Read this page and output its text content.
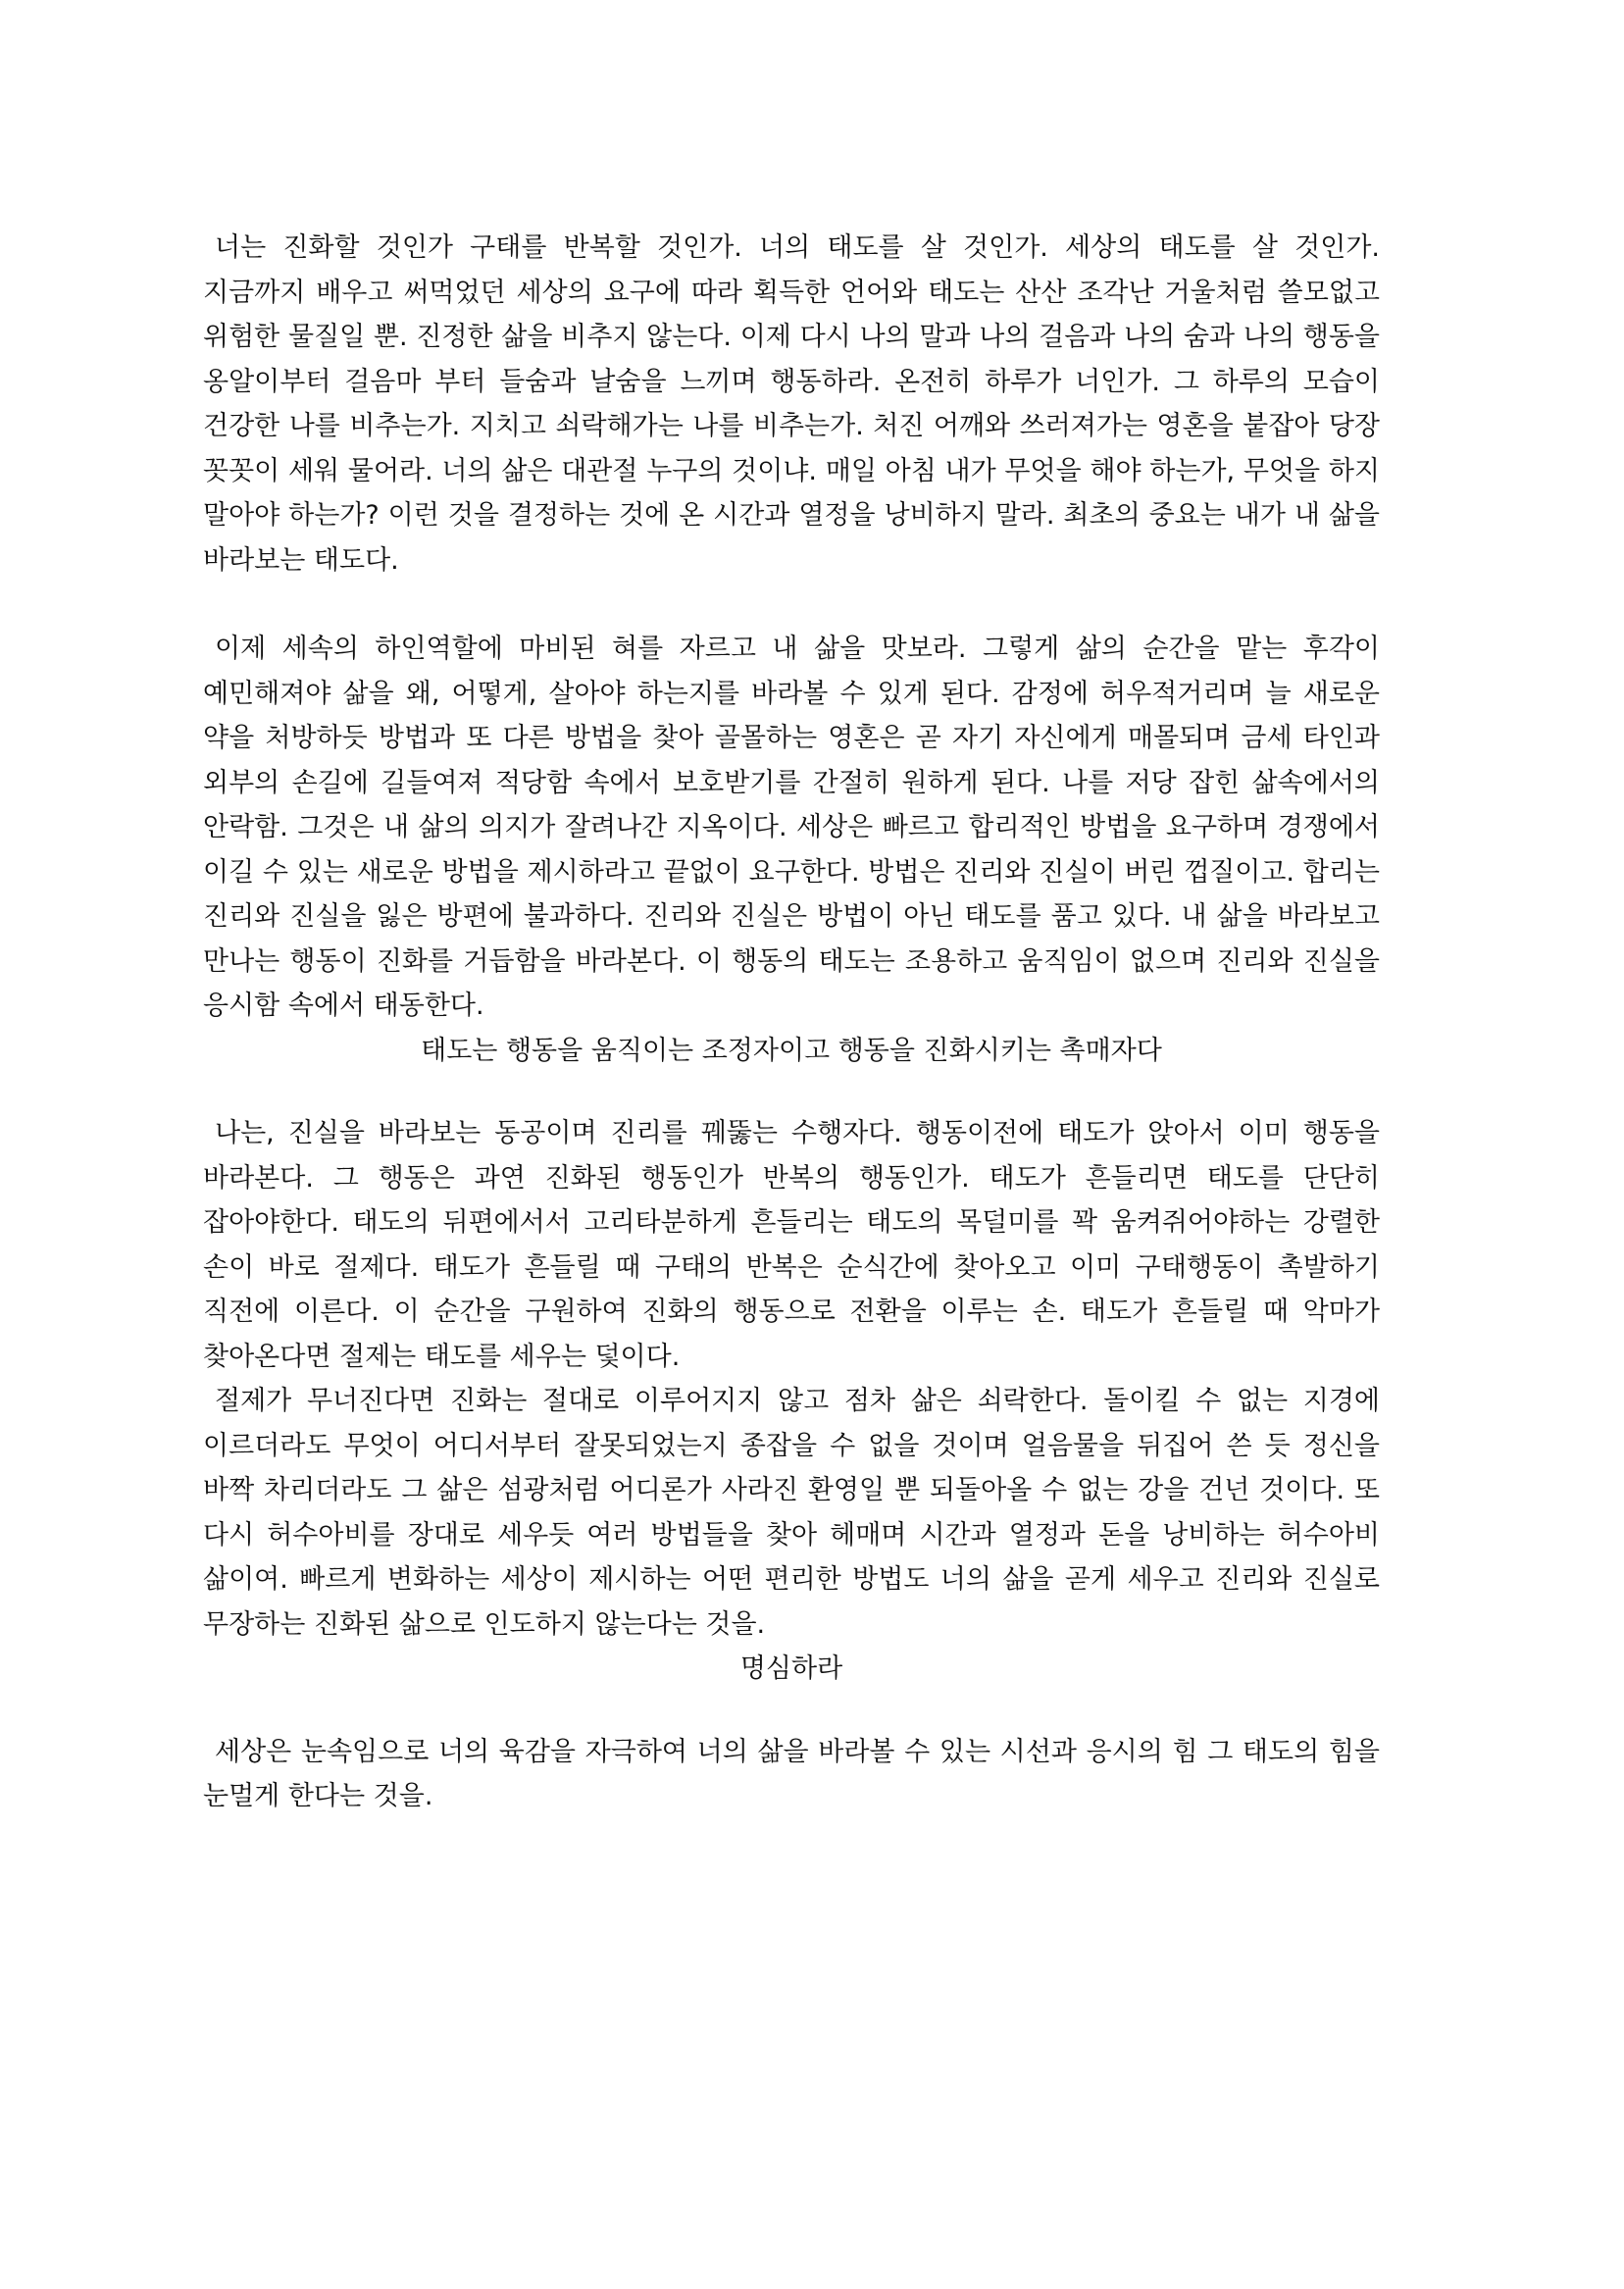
너는 진화할 것인가 구태를 반복할 것인가. 너의 태도를 살 것인가. 세상의 태도를 살 것인가. 지금까지 배우고 써먹었던 세상의 요구에 따라 획득한 언어와 태도는 산산 조각난 거울처럼 쓸모없고 위험한 물질일 뿐. 진정한 삶을 비추지 않는다. 이제 다시 나의 말과 나의 걸음과 나의 숨과 나의 행동을 옹알이부터 걸음마 부터 들숨과 날숨을 느끼며 행동하라. 온전히 하루가 너인가. 그 하루의 모습이 건강한 나를 비추는가. 지치고 쇠락해가는 나를 비추는가. 처진 어깨와 쓰러져가는 영혼을 붙잡아 당장 꼿꼿이 세워 물어라. 너의 삶은 대관절 누구의 것이냐. 매일 아침 내가 무엇을 해야 하는가, 무엇을 하지 말아야 하는가? 이런 것을 결정하는 것에 온 시간과 열정을 낭비하지 말라. 최초의 중요는 내가 내 삶을 바라보는 태도다.

이제 세속의 하인역할에 마비된 혀를 자르고 내 삶을 맛보라. 그렇게 삶의 순간을 맡는 후각이 예민해져야 삶을 왜, 어떻게, 살아야 하는지를 바라볼 수 있게 된다. 감정에 허우적거리며 늘 새로운 약을 처방하듯 방법과 또 다른 방법을 찾아 골몰하는 영혼은 곧 자기 자신에게 매몰되며 금세 타인과 외부의 손길에 길들여져 적당함 속에서 보호받기를 간절히 원하게 된다. 나를 저당 잡힌 삶속에서의 안락함. 그것은 내 삶의 의지가 잘려나간 지옥이다. 세상은 빠르고 합리적인 방법을 요구하며 경쟁에서 이길 수 있는 새로운 방법을 제시하라고 끝없이 요구한다. 방법은 진리와 진실이 버린 껍질이고. 합리는 진리와 진실을 잃은 방편에 불과하다. 진리와 진실은 방법이 아닌 태도를 품고 있다. 내 삶을 바라보고 만나는 행동이 진화를 거듭함을 바라본다. 이 행동의 태도는 조용하고 움직임이 없으며 진리와 진실을 응시함 속에서 태동한다.

태도는 행동을 움직이는 조정자이고 행동을 진화시키는 촉매자다

나는, 진실을 바라보는 동공이며 진리를 꿰뚫는 수행자다. 행동이전에 태도가 앉아서 이미 행동을 바라본다. 그 행동은 과연 진화된 행동인가 반복의 행동인가. 태도가 흔들리면 태도를 단단히 잡아야한다. 태도의 뒤편에서서 고리타분하게 흔들리는 태도의 목덜미를 꽉 움켜쥐어야하는 강렬한 손이 바로 절제다. 태도가 흔들릴 때 구태의 반복은 순식간에 찾아오고 이미 구태행동이 촉발하기 직전에 이른다. 이 순간을 구원하여 진화의 행동으로 전환을 이루는 손. 태도가 흔들릴 때 악마가 찾아온다면 절제는 태도를 세우는 덫이다.

절제가 무너진다면 진화는 절대로 이루어지지 않고 점차 삶은 쇠락한다. 돌이킬 수 없는 지경에 이르더라도 무엇이 어디서부터 잘못되었는지 종잡을 수 없을 것이며 얼음물을 뒤집어 쓴 듯 정신을 바짝 차리더라도 그 삶은 섬광처럼 어디론가 사라진 환영일 뿐 되돌아올 수 없는 강을 건넌 것이다. 또 다시 허수아비를 장대로 세우듯 여러 방법들을 찾아 헤매며 시간과 열정과 돈을 낭비하는 허수아비 삶이여. 빠르게 변화하는 세상이 제시하는 어떤 편리한 방법도 너의 삶을 곧게 세우고 진리와 진실로 무장하는 진화된 삶으로 인도하지 않는다는 것을.

명심하라

세상은 눈속임으로 너의 육감을 자극하여 너의 삶을 바라볼 수 있는 시선과 응시의 힘 그 태도의 힘을 눈멀게 한다는 것을.
